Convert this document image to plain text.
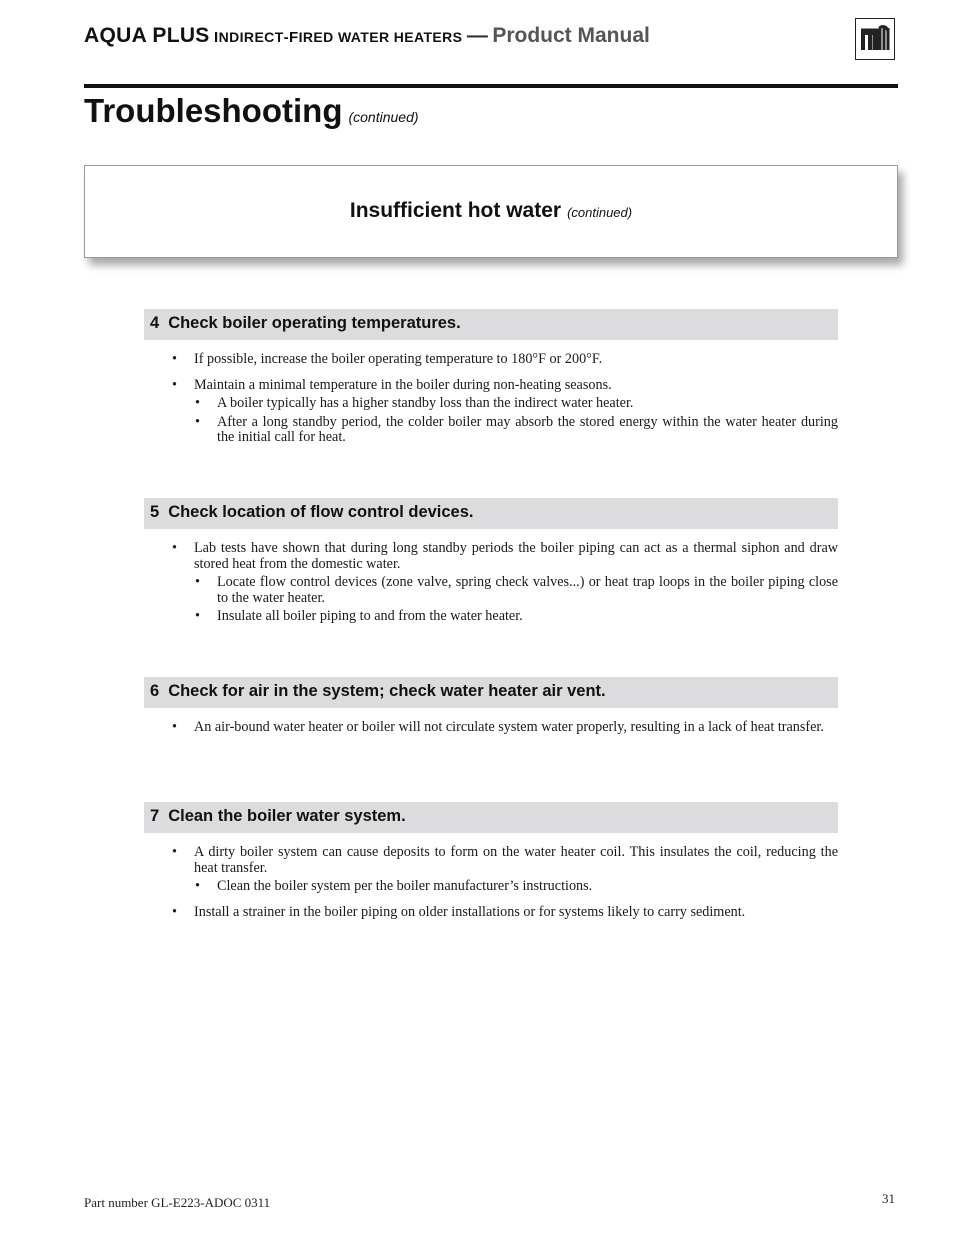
AQUA PLUS INDIRECT-FIRED WATER HEATERS — Product Manual
Troubleshooting (continued)
Insufficient hot water (continued)
4 Check boiler operating temperatures.
• If possible, increase the boiler operating temperature to 180°F or 200°F.
• Maintain a minimal temperature in the boiler during non-heating seasons.
• A boiler typically has a higher standby loss than the indirect water heater.
• After a long standby period, the colder boiler may absorb the stored energy within the water heater during the initial call for heat.
5 Check location of flow control devices.
• Lab tests have shown that during long standby periods the boiler piping can act as a thermal siphon and draw stored heat from the domestic water.
• Locate flow control devices (zone valve, spring check valves...) or heat trap loops in the boiler piping close to the water heater.
• Insulate all boiler piping to and from the water heater.
6 Check for air in the system; check water heater air vent.
• An air-bound water heater or boiler will not circulate system water properly, resulting in a lack of heat transfer.
7 Clean the boiler water system.
• A dirty boiler system can cause deposits to form on the water heater coil. This insulates the coil, reducing the heat transfer.
• Clean the boiler system per the boiler manufacturer’s instructions.
• Install a strainer in the boiler piping on older installations or for systems likely to carry sediment.
Part number GL-E223-ADOC 0311	31
